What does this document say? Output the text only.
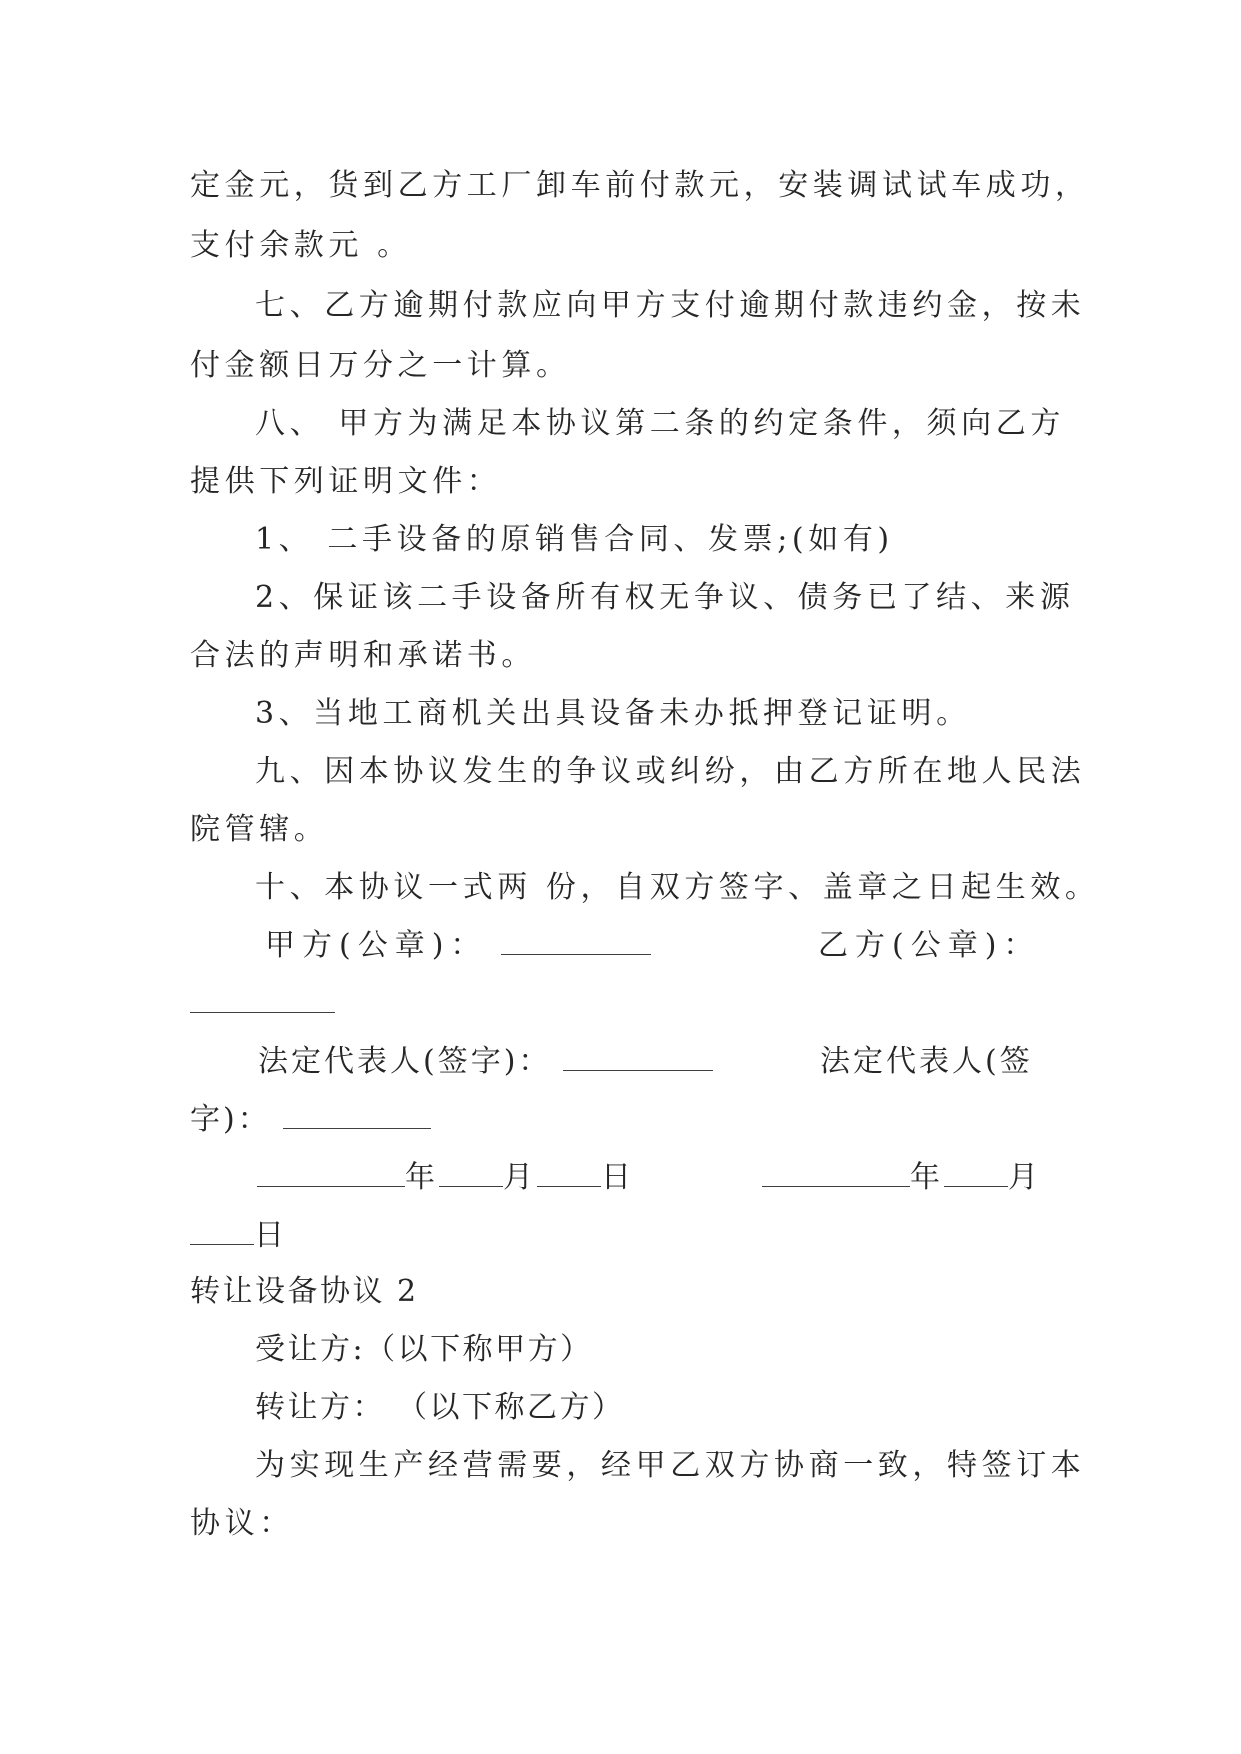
定金元，货到乙方工厂卸车前付款元，安装调试试车成功，

支付余款元 。

七、乙方逾期付款应向甲方支付逾期付款违约金，按未

付金额日万分之一计算。

八、 甲方为满足本协议第二条的约定条件，须向乙方

提供下列证明文件：

1、 二手设备的原销售合同、发票;(如有)

2、保证该二手设备所有权无争议、债务已了结、来源

合法的声明和承诺书。

3、当地工商机关出具设备未办抵押登记证明。

九、因本协议发生的争议或纠纷，由乙方所在地人民法

院管辖。

十、本协议一式两 份，自双方签字、盖章之日起生效。

甲方(公章)：	乙方(公章)：
法定代表人(签字)：	法定代表人(签
字)：
年 月 日	年 月
日

转让设备协议 2

受让方:（以下称甲方）

转让方： （以下称乙方）

为实现生产经营需要，经甲乙双方协商一致，特签订本

协议：
